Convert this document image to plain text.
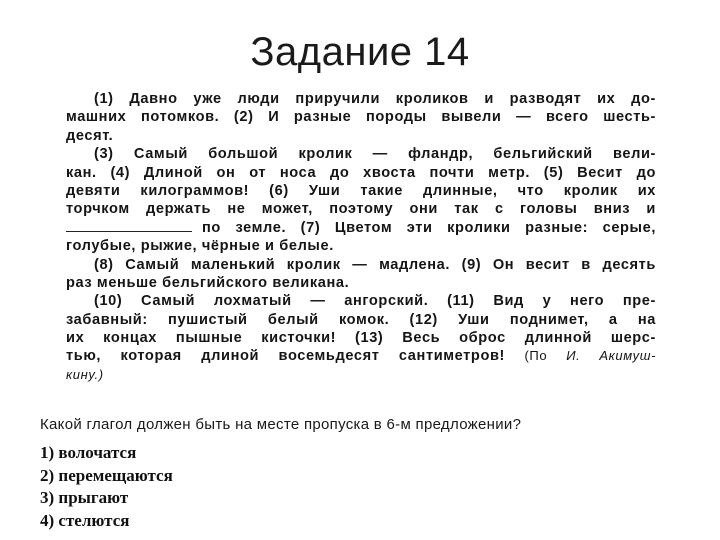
Задание 14
(1) Давно уже люди приручили кроликов и разводят их до-
машних потомков. (2) И разные породы вывели — всего шесть-
десят.
(3) Самый большой кролик — фландр, бельгийский вели-
кан. (4) Длиной он от носа до хвоста почти метр. (5) Весит до
девяти килограммов! (6) Уши такие длинные, что кролик их
торчком держать не может, поэтому они так с головы вниз и
по земле. (7) Цветом эти кролики разные: серые,
голубые, рыжие, чёрные и белые.
(8) Самый маленький кролик — мадлена. (9) Он весит в десять
раз меньше бельгийского великана.
(10) Самый лохматый — ангорский. (11) Вид у него пре-
забавный: пушистый белый комок. (12) Уши поднимет, а на
их концах пышные кисточки! (13) Весь оброс длинной шерс-
тью, которая длиной восемьдесят сантиметров! (По И. Акимуш-
кину.)
Какой глагол должен быть на месте пропуска в 6-м предложении?
1) волочатся
2) перемещаются
3) прыгают
4) стелются
